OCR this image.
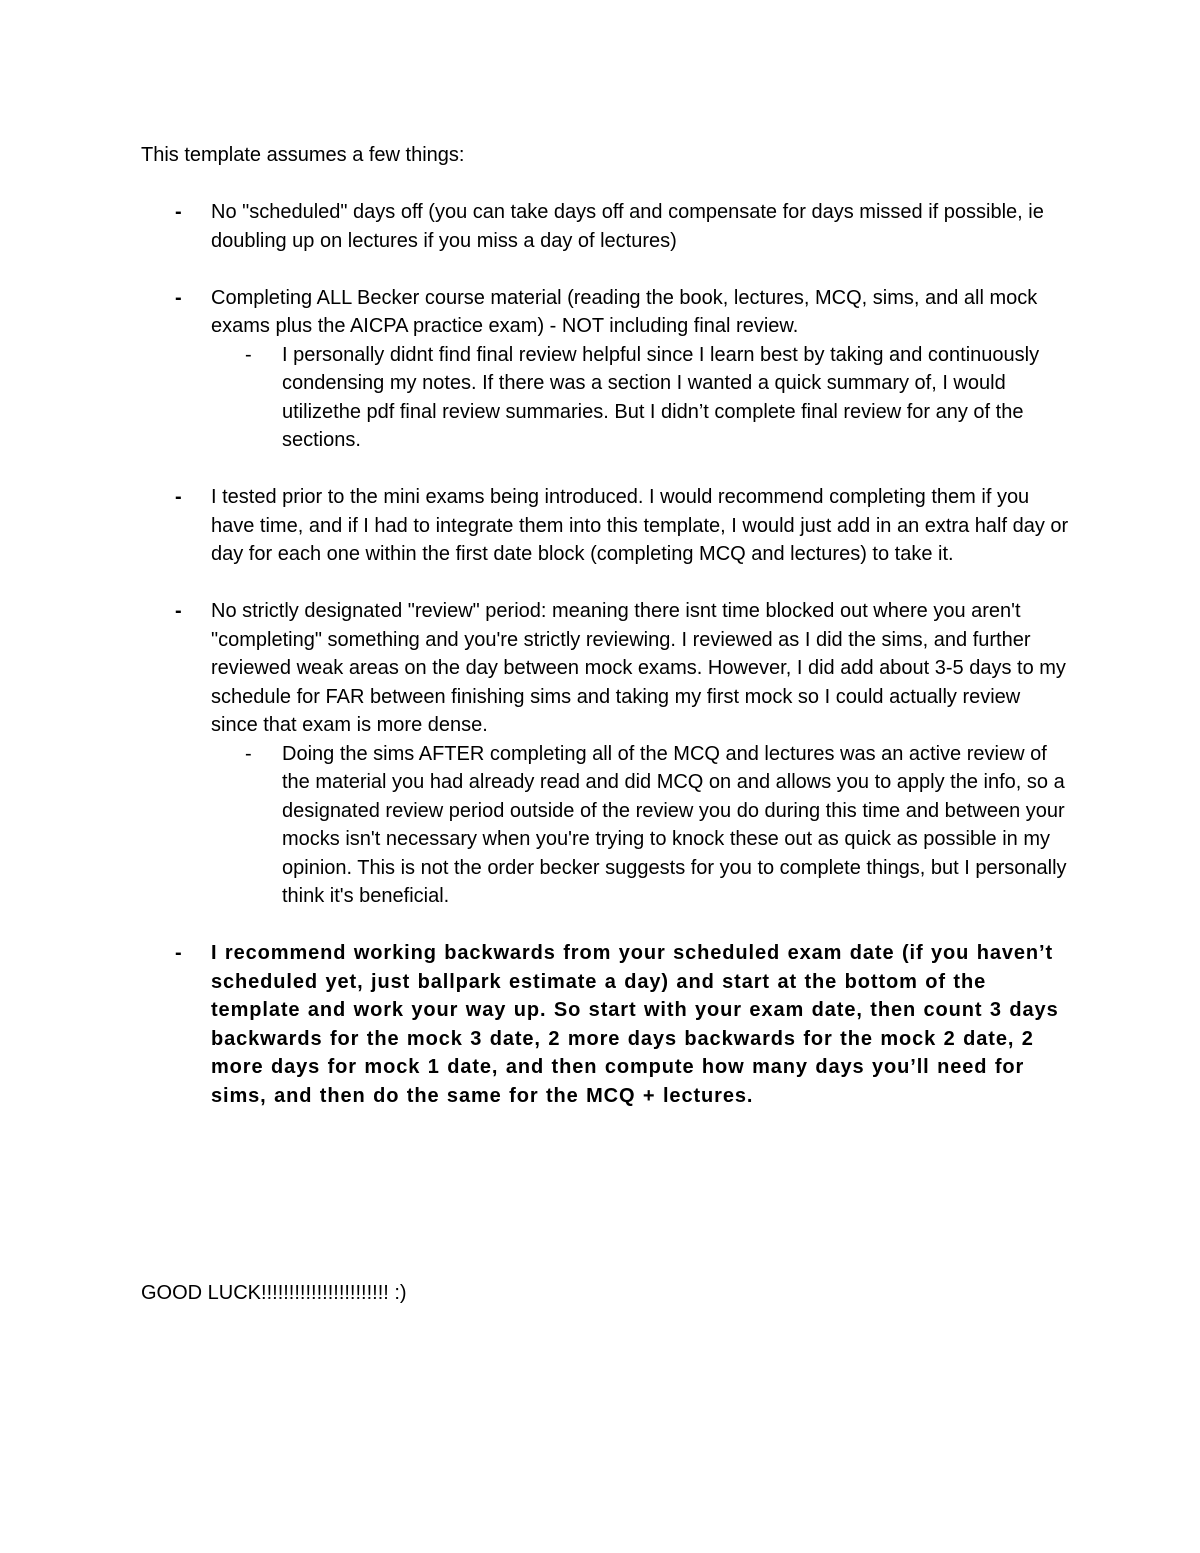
This template assumes a few things:

- No "scheduled" days off (you can take days off and compensate for days missed if possible, ie doubling up on lectures if you miss a day of lectures)
- Completing ALL Becker course material (reading the book, lectures, MCQ, sims, and all mock exams plus the AICPA practice exam) - NOT including final review.
- I personally didnt find final review helpful since I learn best by taking and continuously condensing my notes. If there was a section I wanted a quick summary of, I would utilizethe pdf final review summaries. But I didn’t complete final review for any of the sections.
- I tested prior to the mini exams being introduced. I would recommend completing them if you have time, and if I had to integrate them into this template, I would just add in an extra half day or day for each one within the first date block (completing MCQ and lectures) to take it.
- No strictly designated "review" period: meaning there isnt time blocked out where you aren't "completing" something and you're strictly reviewing. I reviewed as I did the sims, and further reviewed weak areas on the day between mock exams. However, I did add about 3-5 days to my schedule for FAR between finishing sims and taking my first mock so I could actually review since that exam is more dense.
- Doing the sims AFTER completing all of the MCQ and lectures was an active review of the material you had already read and did MCQ on and allows you to apply the info, so a designated review period outside of the review you do during this time and between your mocks isn't necessary when you're trying to knock these out as quick as possible in my opinion. This is not the order becker suggests for you to complete things, but I personally think it's beneficial.
- I recommend working backwards from your scheduled exam date (if you haven’t scheduled yet, just ballpark estimate a day) and start at the bottom of the template and work your way up. So start with your exam date, then count 3 days backwards for the mock 3 date, 2 more days backwards for the mock 2 date, 2 more days for mock 1 date, and then compute how many days you’ll need for sims, and then do the same for the MCQ + lectures.

GOOD LUCK!!!!!!!!!!!!!!!!!!!!!!! :)
